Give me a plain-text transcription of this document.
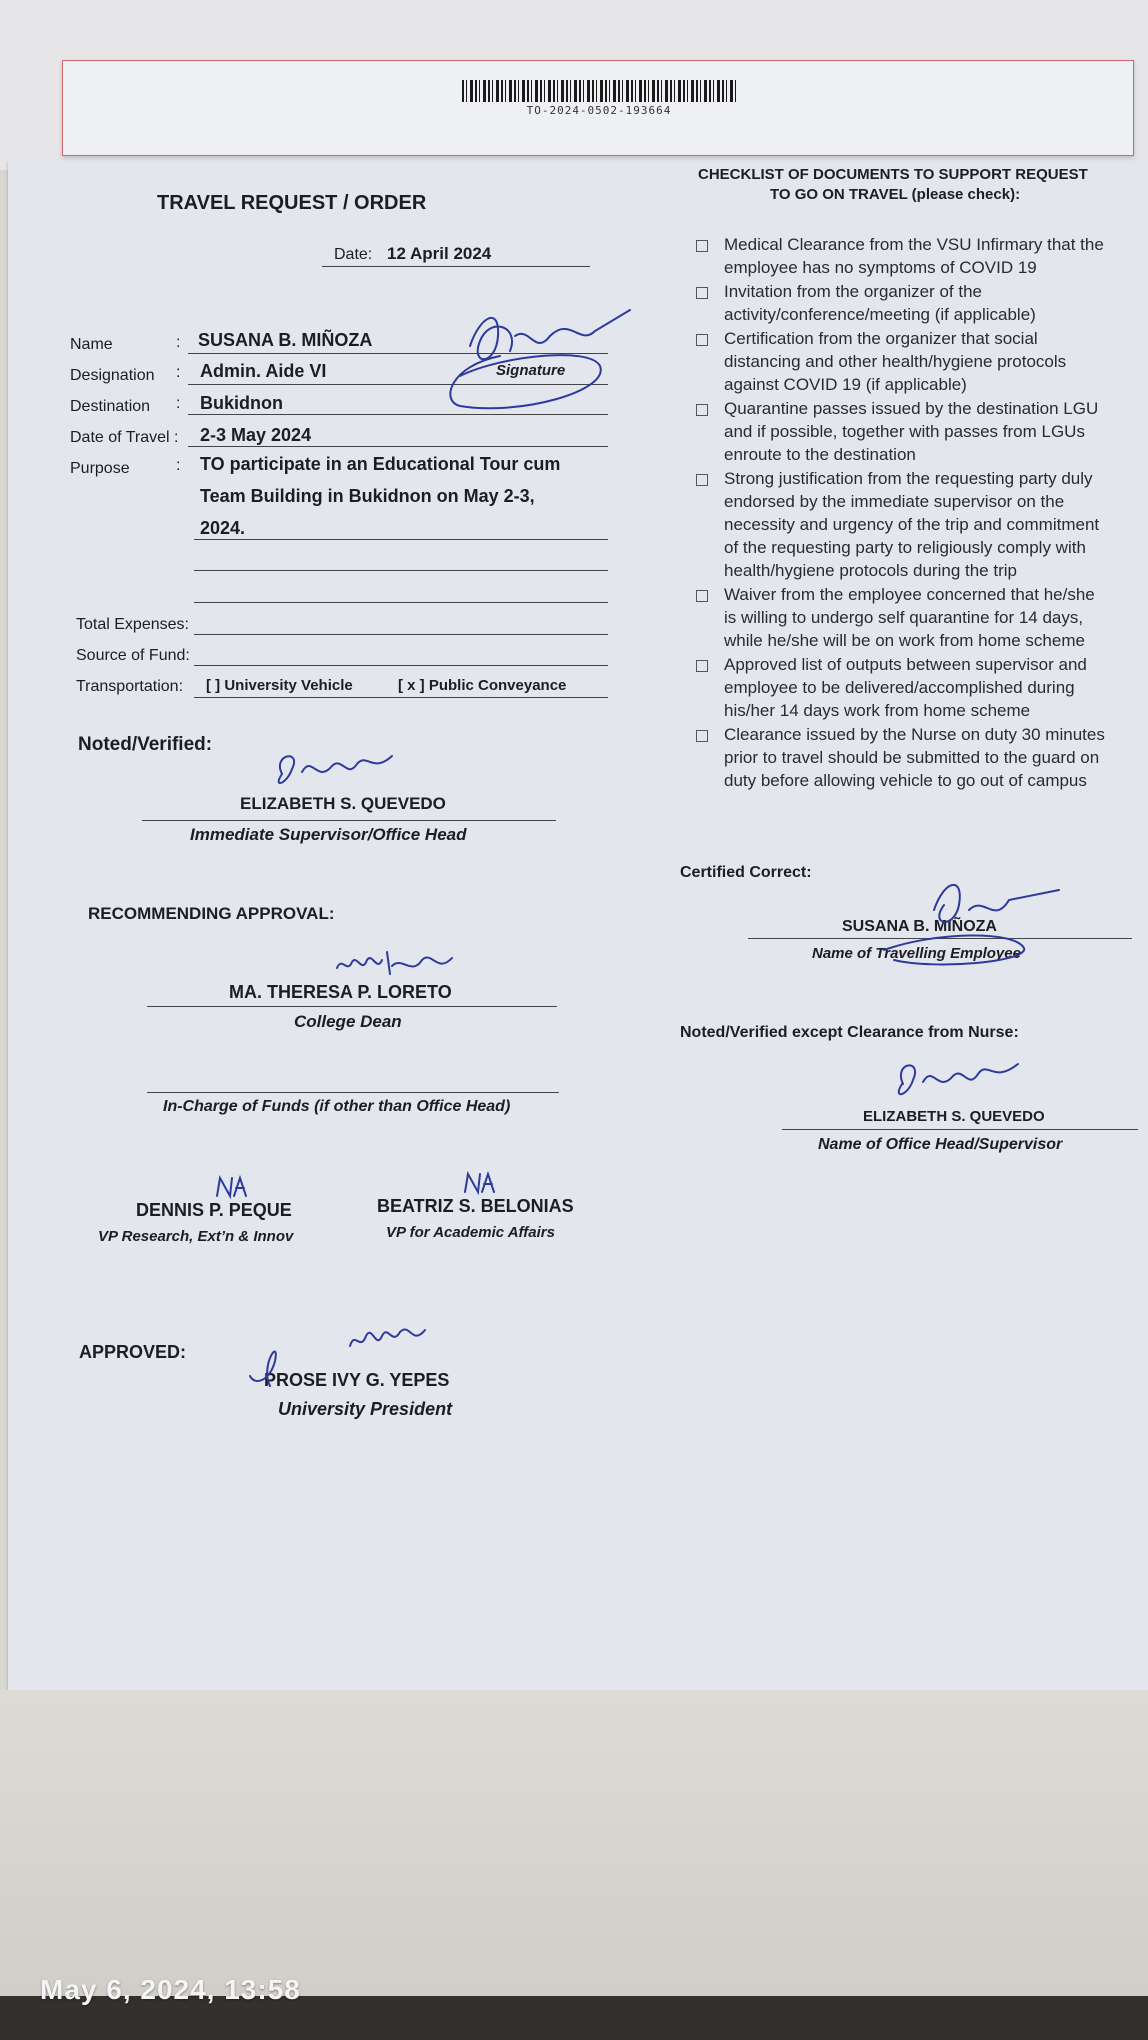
TO-2024-0502-193664
TRAVEL REQUEST / ORDER
Date: 12 April 2024
Name	: SUSANA B. MIÑOZA
Signature
Designation : Admin. Aide VI
Destination : Bukidnon
Date of Travel : 2-3 May 2024
Purpose	: TO participate in an Educational Tour cum
Team Building in Bukidnon on May 2-3,
2024.
Total Expenses:
Source of Fund:
Transportation: [ ] University Vehicle	[ x ] Public Conveyance
Noted/Verified:
ELIZABETH S. QUEVEDO
Immediate Supervisor/Office Head
RECOMMENDING APPROVAL:
MA. THERESA P. LORETO
College Dean
In-Charge of Funds (if other than Office Head)
DENNIS P. PEQUE
VP Research, Ext’n & Innov
BEATRIZ S. BELONIAS
VP for Academic Affairs
APPROVED:
PROSE IVY G. YEPES
University President
CHECKLIST OF DOCUMENTS TO SUPPORT REQUEST
TO GO ON TRAVEL (please check):
Medical Clearance from the VSU Infirmary that the
employee has no symptoms of COVID 19
Invitation from the organizer of the
activity/conference/meeting (if applicable)
Certification from the organizer that social
distancing and other health/hygiene protocols
against COVID 19 (if applicable)
Quarantine passes issued by the destination LGU
and if possible, together with passes from LGUs
enroute to the destination
Strong justification from the requesting party duly
endorsed by the immediate supervisor on the
necessity and urgency of the trip and commitment
of the requesting party to religiously comply with
health/hygiene protocols during the trip
Waiver from the employee concerned that he/she
is willing to undergo self quarantine for 14 days,
while he/she will be on work from home scheme
Approved list of outputs between supervisor and
employee to be delivered/accomplished during
his/her 14 days work from home scheme
Clearance issued by the Nurse on duty 30 minutes
prior to travel should be submitted to the guard on
duty before allowing vehicle to go out of campus
Certified Correct:
SUSANA B. MIÑOZA
Name of Travelling Employee
Noted/Verified except Clearance from Nurse:
ELIZABETH S. QUEVEDO
Name of Office Head/Supervisor
May 6, 2024, 13:58
